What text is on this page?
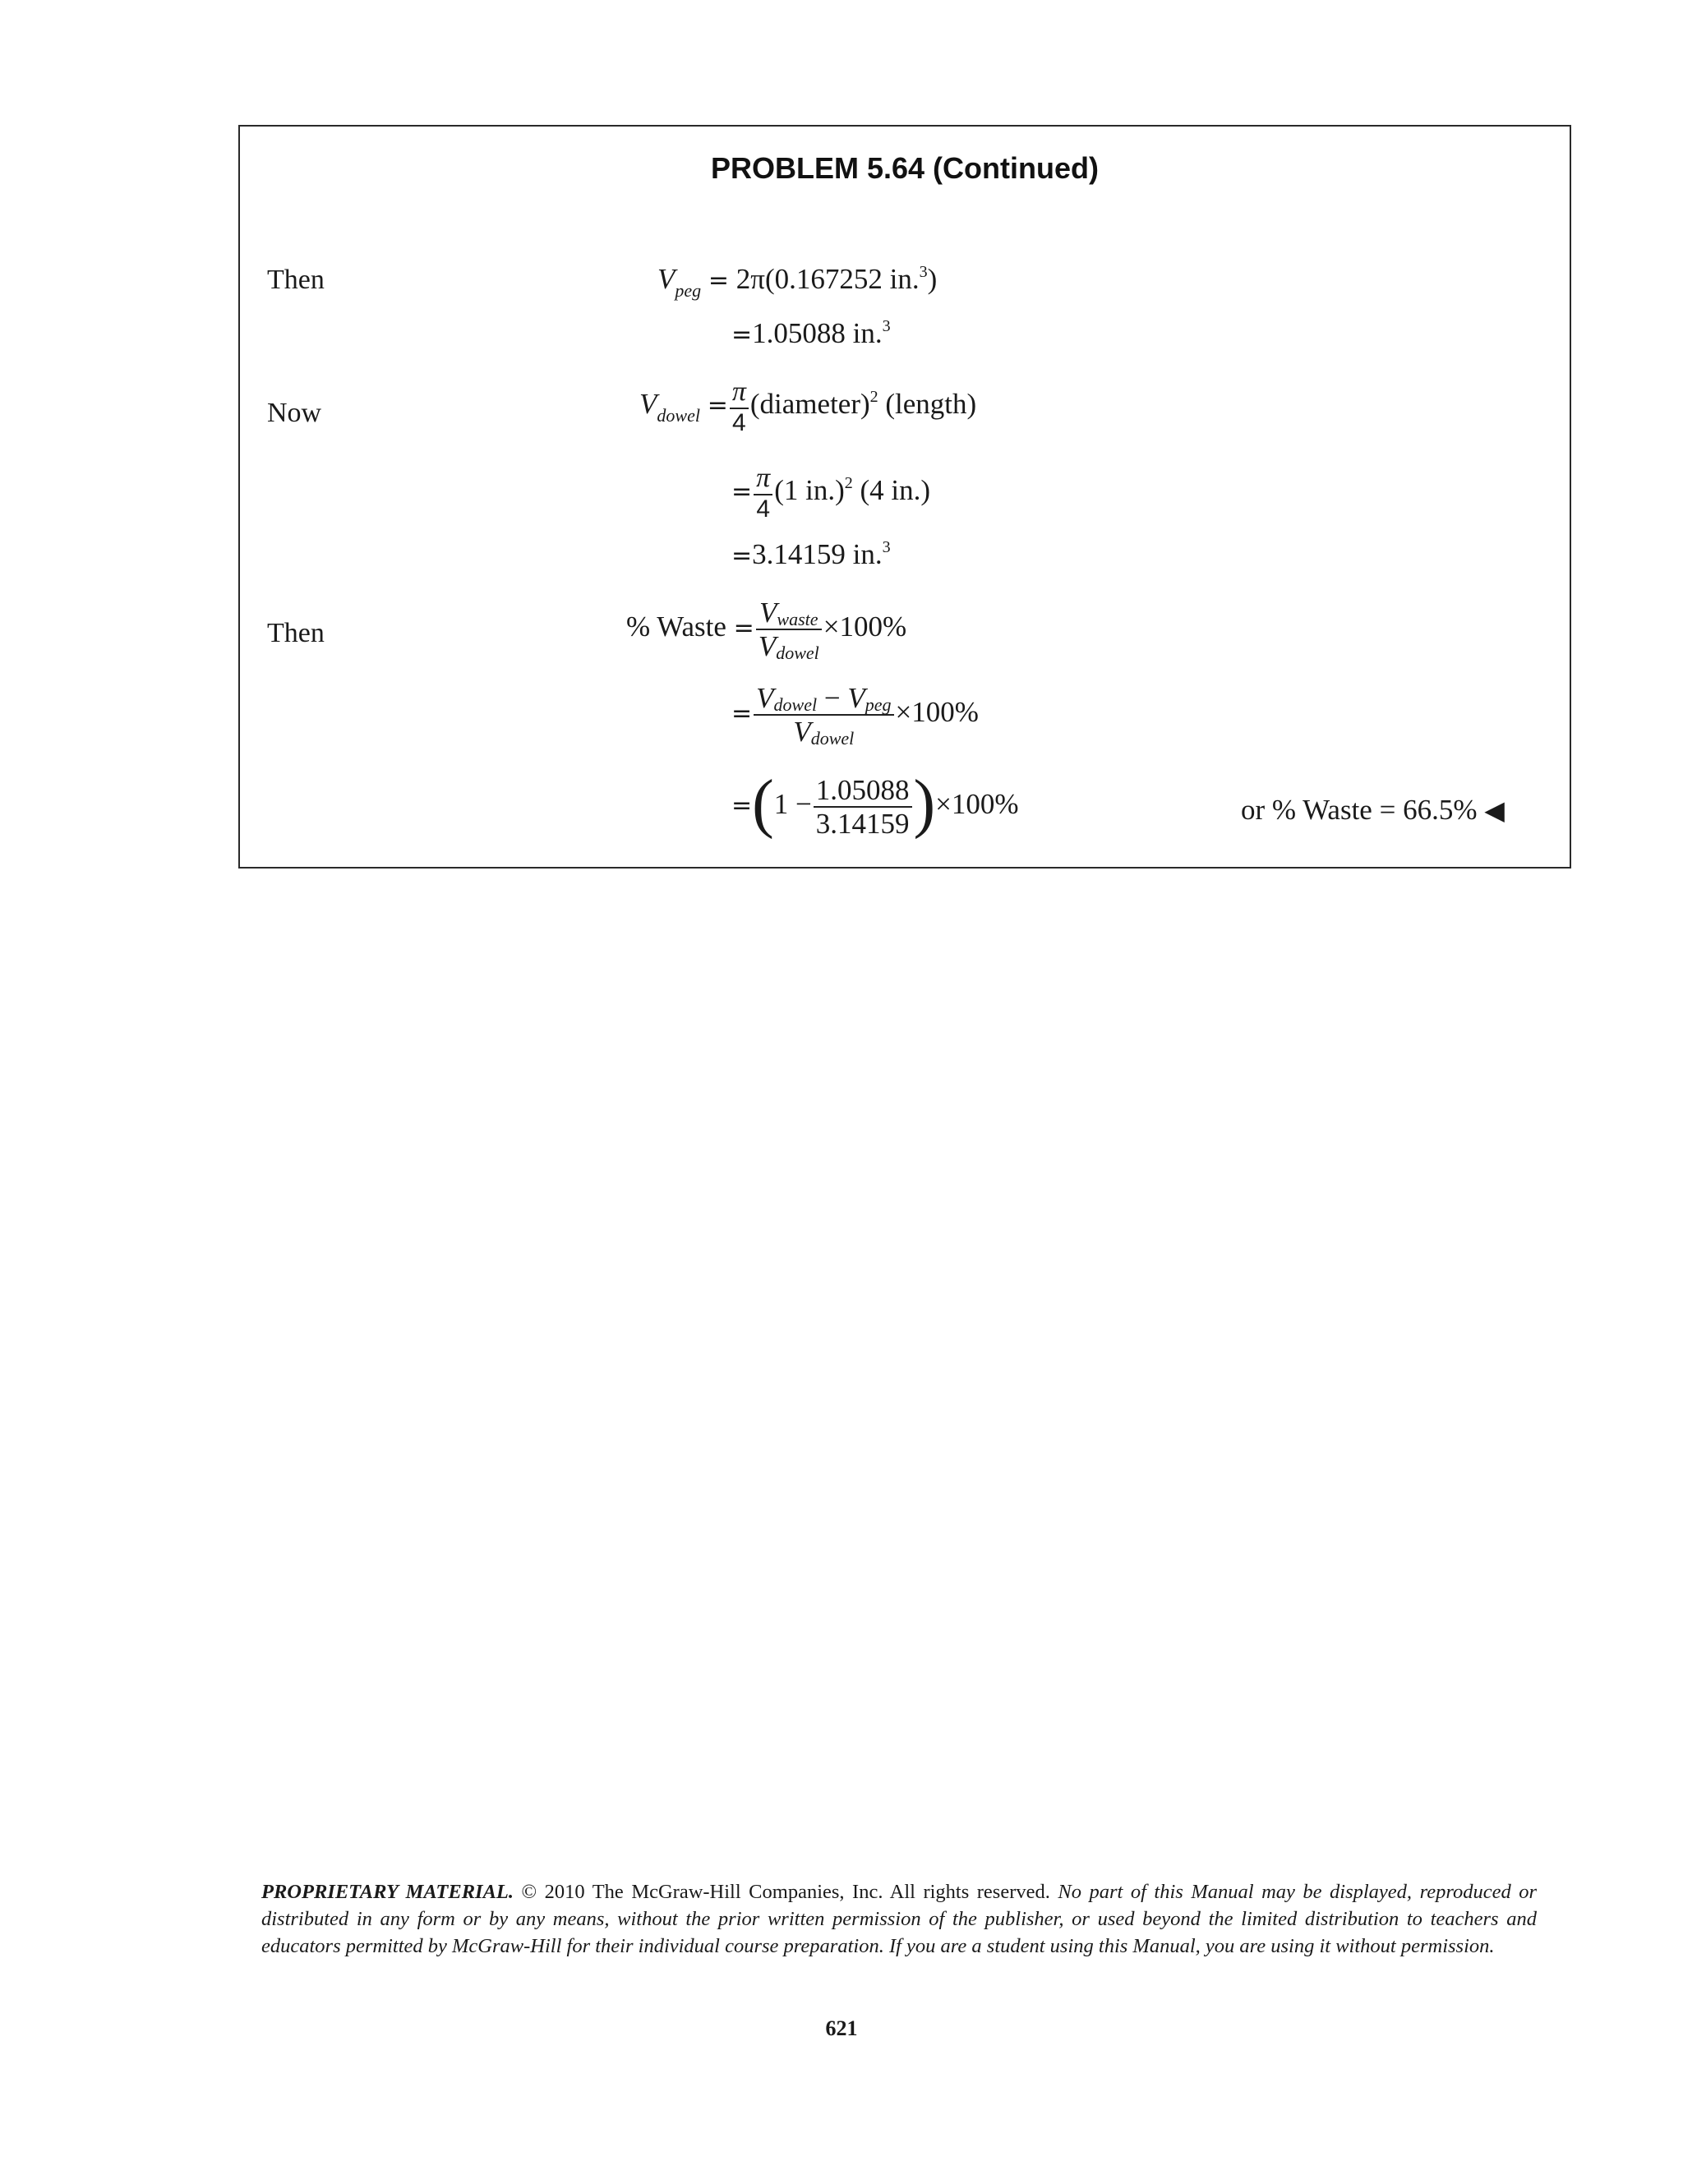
PROBLEM 5.64 (Continued)
Then
Now
Then
$V_{peg} = 2\pi(0.167252$ in.$^3$)
=1.05088 in.$^3$
$V_{dowel} = \frac{\pi}{4}$ (diameter)$^2$ (length)
= $\frac{\pi}{4} (1$ in.)$^2$ (4 in.)
=3.14159 in.$^3$
% Waste = $\frac{\text{Vwaste}}{\text{Vdowel}} \times 100\%$
= $\frac{\text{Vdowel − Vpeg}}{\text{Vdowel}} \times 100\%$
$=(1 - \frac{1.05088}{3.14159} )\times 100\%$	or % Waste = 66.5% ◀
PROPRIETARY MATERIAL. © 2010 The McGraw-Hill Companies, Inc. All rights reserved. No part of this Manual may be displayed, reproduced or distributed in any form or by any means, without the prior written permission of the publisher, or used beyond the limited distribution to teachers and educators permitted by McGraw-Hill for their individual course preparation. If you are a student using this Manual, you are using it without permission.
621
